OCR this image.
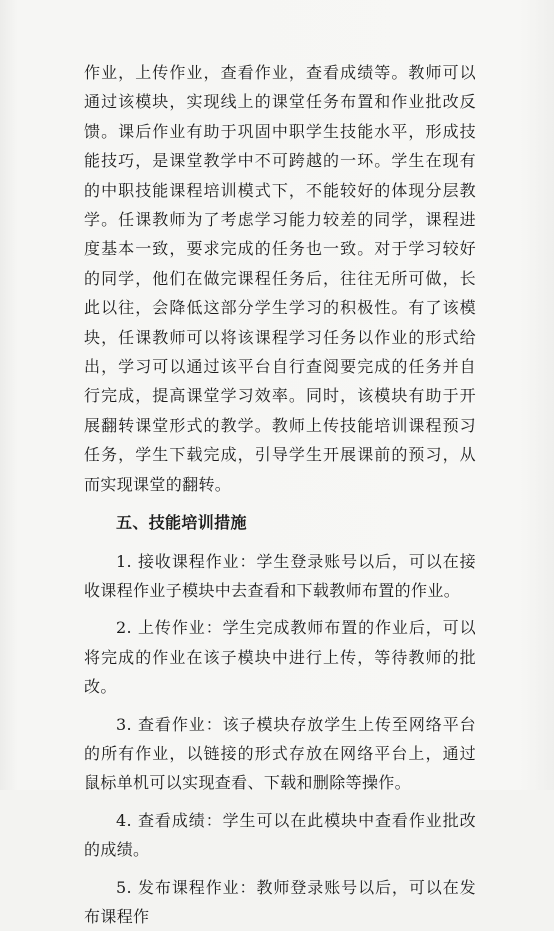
作业，上传作业，查看作业，查看成绩等。教师可以通过该模块，实现线上的课堂任务布置和作业批改反馈。课后作业有助于巩固中职学生技能水平，形成技能技巧，是课堂教学中不可跨越的一环。学生在现有的中职技能课程培训模式下，不能较好的体现分层教学。任课教师为了考虑学习能力较差的同学，课程进度基本一致，要求完成的任务也一致。对于学习较好的同学，他们在做完课程任务后，往往无所可做，长此以往，会降低这部分学生学习的积极性。有了该模块，任课教师可以将该课程学习任务以作业的形式给出，学习可以通过该平台自行查阅要完成的任务并自行完成，提高课堂学习效率。同时，该模块有助于开展翻转课堂形式的教学。教师上传技能培训课程预习任务，学生下载完成，引导学生开展课前的预习，从而实现课堂的翻转。

五、技能培训措施

1. 接收课程作业：学生登录账号以后，可以在接收课程作业子模块中去查看和下载教师布置的作业。

2. 上传作业：学生完成教师布置的作业后，可以将完成的作业在该子模块中进行上传，等待教师的批改。

3. 查看作业：该子模块存放学生上传至网络平台的所有作业，以链接的形式存放在网络平台上，通过鼠标单机可以实现查看、下载和删除等操作。

4. 查看成绩：学生可以在此模块中查看作业批改的成绩。

5. 发布课程作业：教师登录账号以后，可以在发布课程作
